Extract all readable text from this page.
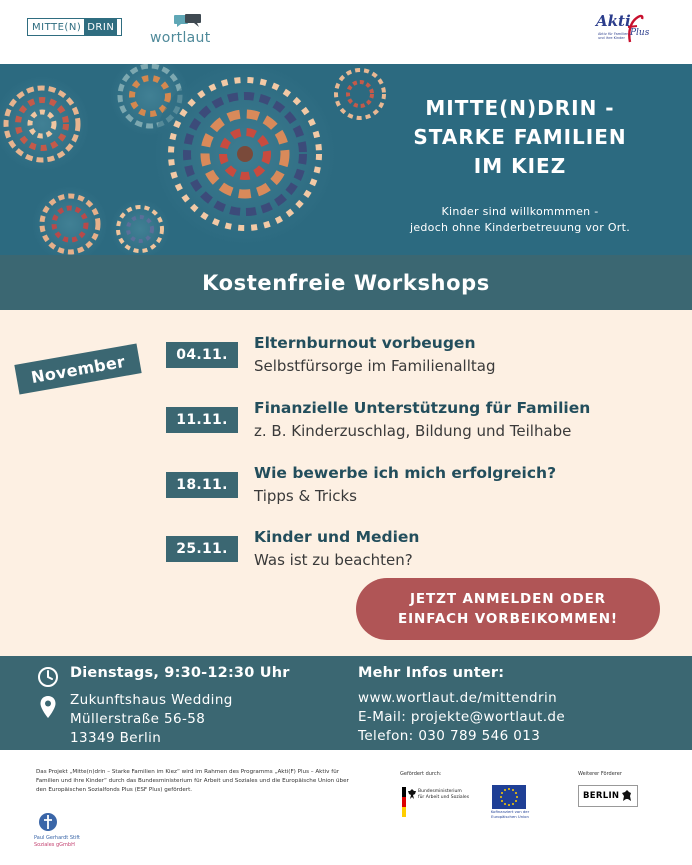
MITTE(N) DRIN
wortlaut
Akti
Plus
Aktiv für Familien und ihre Kinder
MITTE(N)DRIN -
STARKE FAMILIEN
IM KIEZ
Kinder sind willkommmen -
jedoch ohne Kinderbetreuung vor Ort.
Kostenfreie Workshops
November	04.11.
Elternburnout vorbeugen
Selbstfürsorge im Familienalltag
11.11.
Finanzielle Unterstützung für Familien
z. B. Kinderzuschlag, Bildung und Teilhabe
18.11.
Wie bewerbe ich mich erfolgreich?
Tipps & Tricks
25.11.
Kinder und Medien
Was ist zu beachten?
JETZT ANMELDEN ODER
EINFACH VORBEIKOMMEN!
Dienstags, 9:30-12:30 Uhr
Zukunftshaus Wedding
Müllerstraße 56-58
13349 Berlin
Mehr Infos unter:
www.wortlaut.de/mittendrin
E-Mail: projekte@wortlaut.de
Telefon: 030 789 546 013
Das Projekt „Mitte(n)drin – Starke Familien im Kiez“ wird im Rahmen des Programms „Akti(F) Plus – Aktiv für Familien und ihre Kinder“ durch das Bundesministerium für Arbeit und Soziales und die Europäische Union über den Europäischen Sozialfonds Plus (ESF Plus) gefördert.
Gefördert durch:
Bundesministerium
für Arbeit und Soziales
Kofinanziert von der Europäischen Union
Weiterer Förderer
BERLIN
Paul Gerhardt Stift
Soziales gGmbH
